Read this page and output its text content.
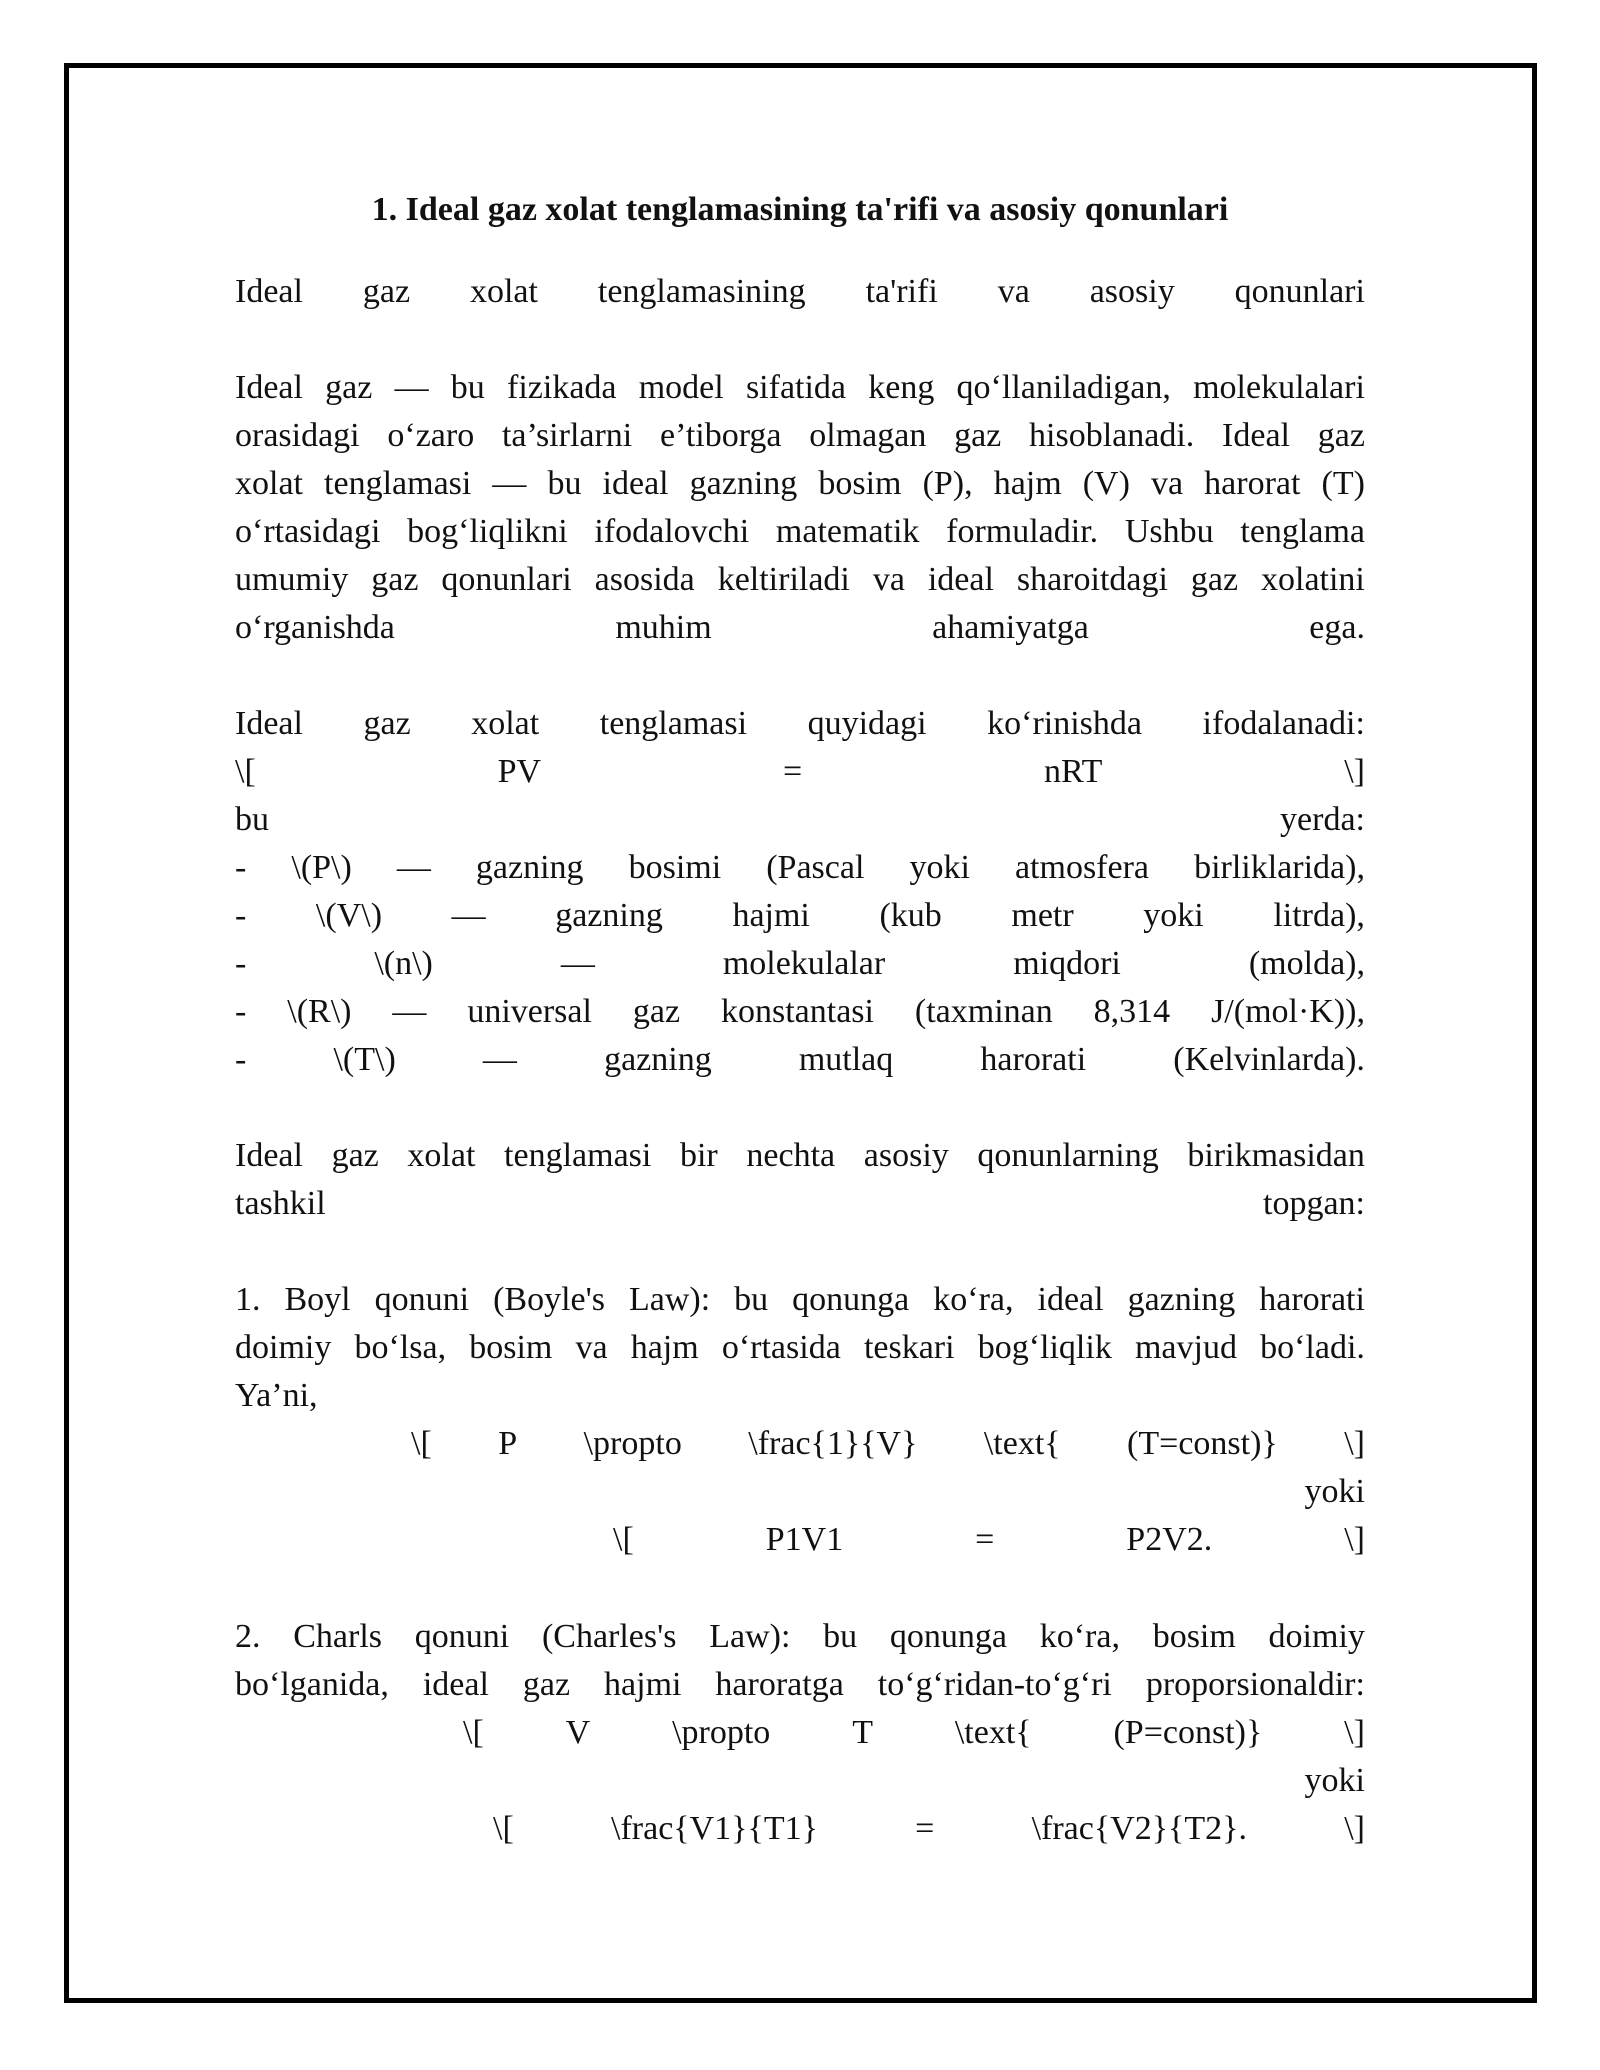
1. Ideal gaz xolat tenglamasining ta'rifi va asosiy qonunlari
Ideal gaz xolat tenglamasining ta'rifi va asosiy qonunlari
Ideal gaz — bu fizikada model sifatida keng qo‘llaniladigan, molekulalari
orasidagi o‘zaro ta’sirlarni e’tiborga olmagan gaz hisoblanadi. Ideal gaz
xolat tenglamasi — bu ideal gazning bosim (P), hajm (V) va harorat (T)
o‘rtasidagi bog‘liqlikni ifodalovchi matematik formuladir. Ushbu tenglama
umumiy gaz qonunlari asosida keltiriladi va ideal sharoitdagi gaz xolatini
o‘rganishda	muhim	ahamiyatga	ega.
Ideal gaz xolat tenglamasi quyidagi ko‘rinishda ifodalanadi:
\[	PV	=	nRT	\]
bu	yerda:
- \(P\) — gazning bosimi (Pascal yoki atmosfera birliklarida),
- \(V\) — gazning hajmi (kub metr yoki litrda),
-	\(n\)	—	molekulalar	miqdori	(molda),
- \(R\) — universal gaz konstantasi (taxminan 8,314 J/(mol·K)),
-	\(T\)	—	gazning	mutlaq	harorati	(Kelvinlarda).
Ideal gaz xolat tenglamasi bir nechta asosiy qonunlarning birikmasidan
tashkil	topgan:
1. Boyl qonuni (Boyle's Law): bu qonunga ko‘ra, ideal gazning harorati
doimiy bo‘lsa, bosim va hajm o‘rtasida teskari bog‘liqlik mavjud bo‘ladi.
Ya’ni,
\[ P \propto \frac{1}{V} \text{ (T=const)} \]
yoki
\[	P1V1	=	P2V2.	\]
2. Charls qonuni (Charles's Law): bu qonunga ko‘ra, bosim doimiy
bo‘lganida, ideal gaz hajmi haroratga to‘g‘ridan-to‘g‘ri proporsionaldir:
\[ V \propto T \text{ (P=const)} \]
yoki
\[	\frac{V1}{T1}	=	\frac{V2}{T2}.	\]
